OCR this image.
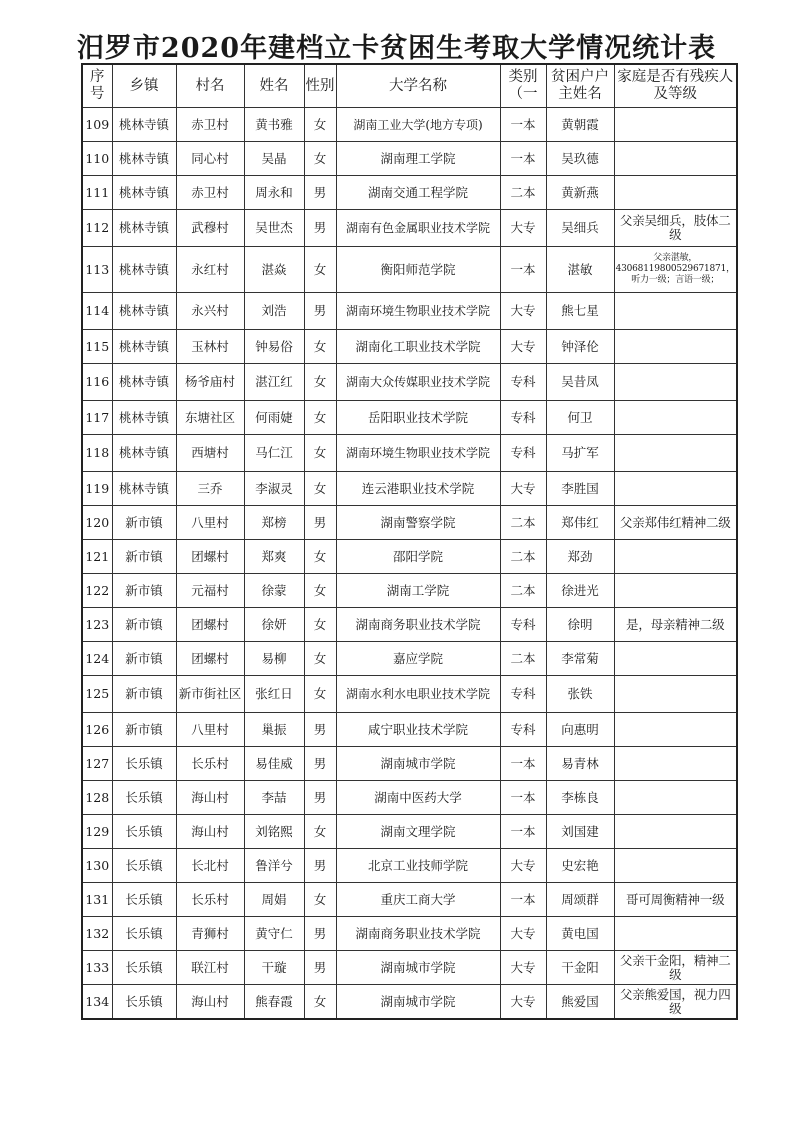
汨罗市2020年建档立卡贫困生考取大学情况统计表
序号	乡镇	村名	姓名	性别	大学名称	类别（一	贫困户户主姓名	家庭是否有残疾人及等级
109	桃林寺镇	赤卫村	黄书雅	女	湖南工业大学(地方专项)	一本	黄朝霞	
110	桃林寺镇	同心村	吴晶	女	湖南理工学院	一本	吴玖德	
111	桃林寺镇	赤卫村	周永和	男	湖南交通工程学院	二本	黄新燕	
112	桃林寺镇	武穆村	吴世杰	男	湖南有色金属职业技术学院	大专	吴细兵	父亲吴细兵，肢体二级
113	桃林寺镇	永红村	湛焱	女	衡阳师范学院	一本	湛敏	父亲湛敏，430681198005296718​71，听力一级；言语一级；
114	桃林寺镇	永兴村	刘浩	男	湖南环境生物职业技术学院	大专	熊七星	
115	桃林寺镇	玉林村	钟易俗	女	湖南化工职业技术学院	大专	钟泽伦	
116	桃林寺镇	杨爷庙村	湛江红	女	湖南大众传媒职业技术学院	专科	吴昔凤	
117	桃林寺镇	东塘社区	何雨婕	女	岳阳职业技术学院	专科	何卫	
118	桃林寺镇	西塘村	马仁江	女	湖南环境生物职业技术学院	专科	马扩军	
119	桃林寺镇	三乔	李淑灵	女	连云港职业技术学院	大专	李胜国	
120	新市镇	八里村	郑榜	男	湖南警察学院	二本	郑伟红	父亲郑伟红精神二级
121	新市镇	团螺村	郑爽	女	邵阳学院	二本	郑劲	
122	新市镇	元福村	徐蒙	女	湖南工学院	二本	徐进光	
123	新市镇	团螺村	徐妍	女	湖南商务职业技术学院	专科	徐明	是，母亲精神二级
124	新市镇	团螺村	易柳	女	嘉应学院	二本	李常菊	
125	新市镇	新市街社区	张红日	女	湖南水利水电职业技术学院	专科	张铁	
126	新市镇	八里村	巢振	男	咸宁职业技术学院	专科	向惠明	
127	长乐镇	长乐村	易佳威	男	湖南城市学院	一本	易青林	
128	长乐镇	海山村	李喆	男	湖南中医药大学	一本	李栋良	
129	长乐镇	海山村	刘铭熙	女	湖南文理学院	一本	刘国建	
130	长乐镇	长北村	鲁洋兮	男	北京工业技师学院	大专	史宏艳	
131	长乐镇	长乐村	周娟	女	重庆工商大学	一本	周颂群	哥可周衡精神一级
132	长乐镇	青狮村	黄守仁	男	湖南商务职业技术学院	大专	黄电国	
133	长乐镇	联江村	干璇	男	湖南城市学院	大专	干金阳	父亲干金阳，精神二级
134	长乐镇	海山村	熊春霞	女	湖南城市学院	大专	熊爱国	父亲熊爱国，视力四级
